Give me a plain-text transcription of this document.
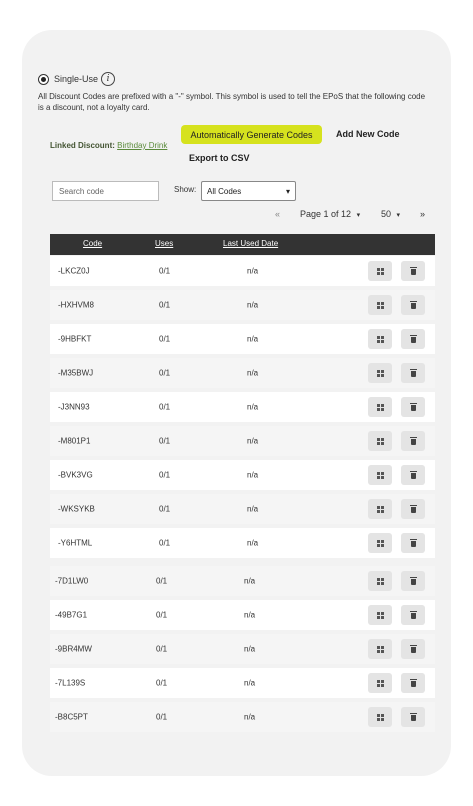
Single-Use i
All Discount Codes are prefixed with a "-" symbol. This symbol is used to tell the EPoS that the following code is a discount, not a loyalty card.
Linked Discount: Birthday Drink
Automatically Generate Codes	Add New Code
Export to CSV
Search code
Show: All Codes	▾
« Page 1 of 12 ▾ 50 ▾ »
Code	Uses	Last Used Date
-LKCZ0J	0/1	n/a
-HXHVM8	0/1	n/a
-9HBFKT	0/1	n/a
-M35BWJ	0/1	n/a
-J3NN93	0/1	n/a
-M801P1	0/1	n/a
-BVK3VG	0/1	n/a
-WKSYKB	0/1	n/a
-Y6HTML	0/1	n/a
-7D1LW0	0/1	n/a
-49B7G1	0/1	n/a
-9BR4MW	0/1	n/a
-7L139S	0/1	n/a
-B8C5PT	0/1	n/a
